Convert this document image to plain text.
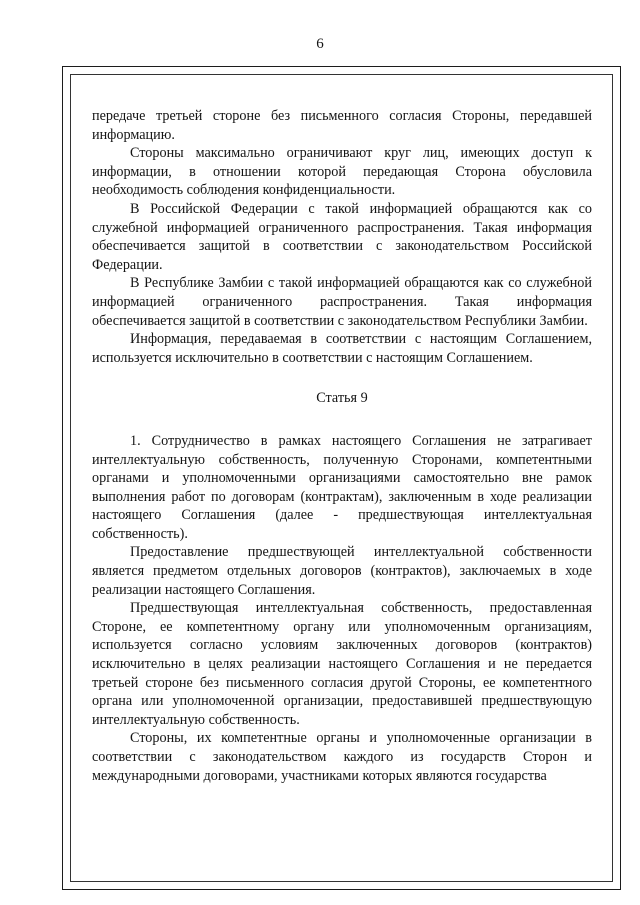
6

передаче третьей стороне без письменного согласия Стороны, передавшей информацию.

Стороны максимально ограничивают круг лиц, имеющих доступ к информации, в отношении которой передающая Сторона обусловила необходимость соблюдения конфиденциальности.

В Российской Федерации с такой информацией обращаются как со служебной информацией ограниченного распространения. Такая информация обеспечивается защитой в соответствии с законодательством Российской Федерации.

В Республике Замбии с такой информацией обращаются как со служебной информацией ограниченного распространения. Такая информация обеспечивается защитой в соответствии с законодательством Республики Замбии.

Информация, передаваемая в соответствии с настоящим Соглашением, используется исключительно в соответствии с настоящим Соглашением.

Статья 9

1. Сотрудничество в рамках настоящего Соглашения не затрагивает интеллектуальную собственность, полученную Сторонами, компетентными органами и уполномоченными организациями самостоятельно вне рамок выполнения работ по договорам (контрактам), заключенным в ходе реализации настоящего Соглашения (далее - предшествующая интеллектуальная собственность).

Предоставление предшествующей интеллектуальной собственности является предметом отдельных договоров (контрактов), заключаемых в ходе реализации настоящего Соглашения.

Предшествующая интеллектуальная собственность, предоставленная Стороне, ее компетентному органу или уполномоченным организациям, используется согласно условиям заключенных договоров (контрактов) исключительно в целях реализации настоящего Соглашения и не передается третьей стороне без письменного согласия другой Стороны, ее компетентного органа или уполномоченной организации, предоставившей предшествующую интеллектуальную собственность.

Стороны, их компетентные органы и уполномоченные организации в соответствии с законодательством каждого из государств Сторон и международными договорами, участниками которых являются государства
